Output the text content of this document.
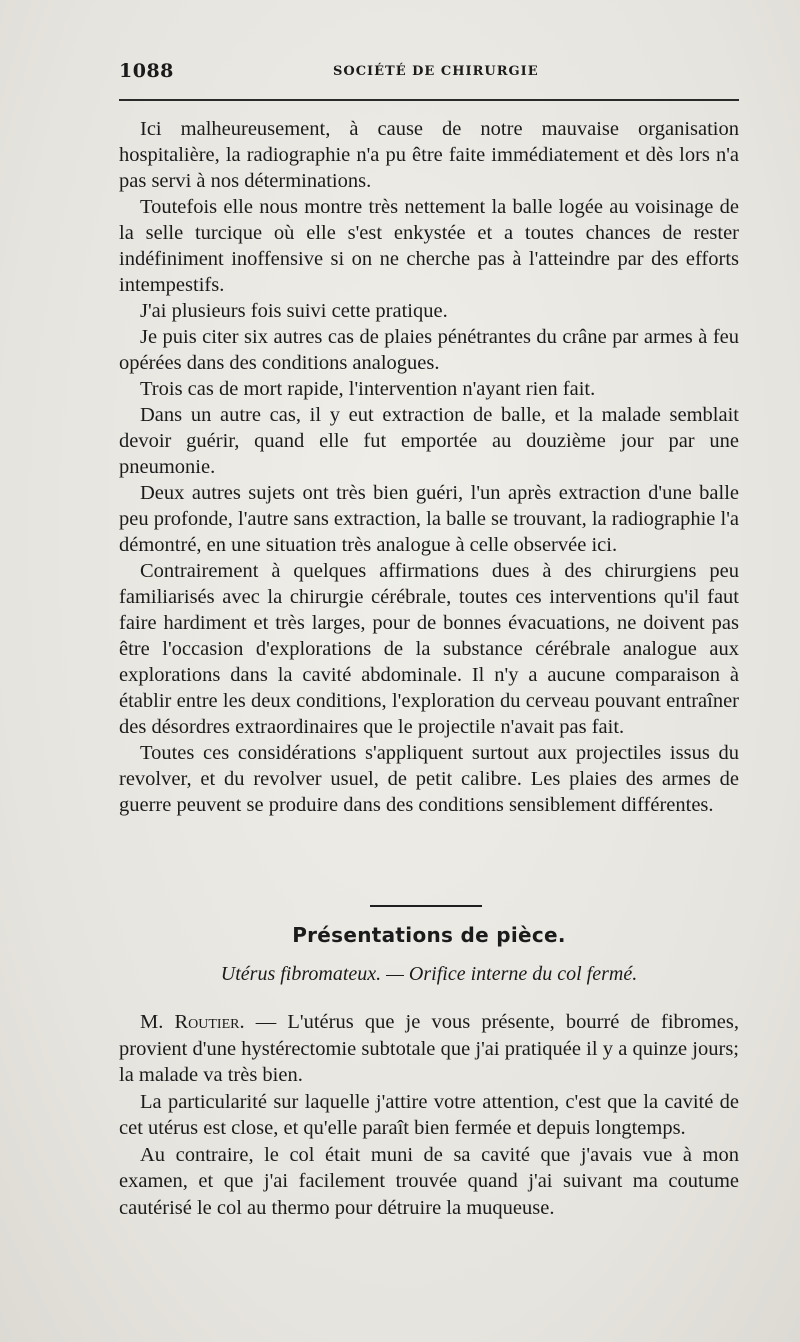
1088	SOCIÉTÉ DE CHIRURGIE

Ici malheureusement, à cause de notre mauvaise organisation hospitalière, la radiographie n'a pu être faite immédiatement et dès lors n'a pas servi à nos déterminations.

Toutefois elle nous montre très nettement la balle logée au voisinage de la selle turcique où elle s'est enkystée et a toutes chances de rester indéfiniment inoffensive si on ne cherche pas à l'atteindre par des efforts intempestifs.

J'ai plusieurs fois suivi cette pratique.

Je puis citer six autres cas de plaies pénétrantes du crâne par armes à feu opérées dans des conditions analogues.

Trois cas de mort rapide, l'intervention n'ayant rien fait.

Dans un autre cas, il y eut extraction de balle, et la malade semblait devoir guérir, quand elle fut emportée au douzième jour par une pneumonie.

Deux autres sujets ont très bien guéri, l'un après extraction d'une balle peu profonde, l'autre sans extraction, la balle se trouvant, la radiographie l'a démontré, en une situation très analogue à celle observée ici.

Contrairement à quelques affirmations dues à des chirurgiens peu familiarisés avec la chirurgie cérébrale, toutes ces interventions qu'il faut faire hardiment et très larges, pour de bonnes évacuations, ne doivent pas être l'occasion d'explorations de la substance cérébrale analogue aux explorations dans la cavité abdominale. Il n'y a aucune comparaison à établir entre les deux conditions, l'exploration du cerveau pouvant entraîner des désordres extraordinaires que le projectile n'avait pas fait.

Toutes ces considérations s'appliquent surtout aux projectiles issus du revolver, et du revolver usuel, de petit calibre. Les plaies des armes de guerre peuvent se produire dans des conditions sensiblement différentes.

Présentations de pièce.
Utérus fibromateux. — Orifice interne du col fermé.

M. Routier. — L'utérus que je vous présente, bourré de fibromes, provient d'une hystérectomie subtotale que j'ai pratiquée il y a quinze jours; la malade va très bien.

La particularité sur laquelle j'attire votre attention, c'est que la cavité de cet utérus est close, et qu'elle paraît bien fermée et depuis longtemps.

Au contraire, le col était muni de sa cavité que j'avais vue à mon examen, et que j'ai facilement trouvée quand j'ai suivant ma coutume cautérisé le col au thermo pour détruire la muqueuse.
